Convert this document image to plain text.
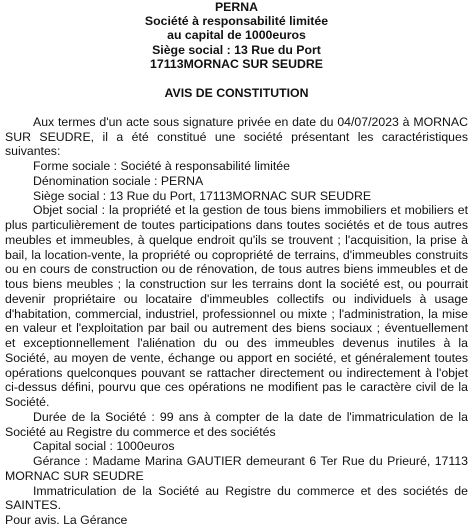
PERNA
Société à responsabilité limitée
au capital de 1000euros
Siège social : 13 Rue du Port
17113MORNAC SUR SEUDRE
AVIS DE CONSTITUTION

Aux termes d'un acte sous signature privée en date du 04/07/2023 à MORNAC SUR SEUDRE, il a été constitué une société présentant les caractéristiques suivantes:

Forme sociale : Société à responsabilité limitée

Dénomination sociale : PERNA

Siège social : 13 Rue du Port, 17113MORNAC SUR SEUDRE

Objet social : la propriété et la gestion de tous biens immobiliers et mobiliers et plus particulièrement de toutes participations dans toutes sociétés et de tous autres meubles et immeubles, à quelque endroit qu'ils se trouvent ; l'acquisition, la prise à bail, la location-vente, la propriété ou copropriété de terrains, d'immeubles construits ou en cours de construction ou de rénovation, de tous autres biens immeubles et de tous biens meubles ; la construction sur les terrains dont la société est, ou pourrait devenir propriétaire ou locataire d'immeubles collectifs ou individuels à usage d'habitation, commercial, industriel, professionnel ou mixte ; l'administration, la mise en valeur et l'exploitation par bail ou autrement des biens sociaux ; éventuellement et exceptionnellement l'aliénation du ou des immeubles devenus inutiles à la Société, au moyen de vente, échange ou apport en société, et généralement toutes opérations quelconques pouvant se rattacher directement ou indirectement à l'objet ci-dessus défini, pourvu que ces opérations ne modifient pas le caractère civil de la Société.

Durée de la Société : 99 ans à compter de la date de l'immatriculation de la Société au Registre du commerce et des sociétés

Capital social : 1000euros

Gérance : Madame Marina GAUTIER demeurant 6 Ter Rue du Prieuré, 17113 MORNAC SUR SEUDRE

Immatriculation de la Société au Registre du commerce et des sociétés de SAINTES.

Pour avis. La Gérance
